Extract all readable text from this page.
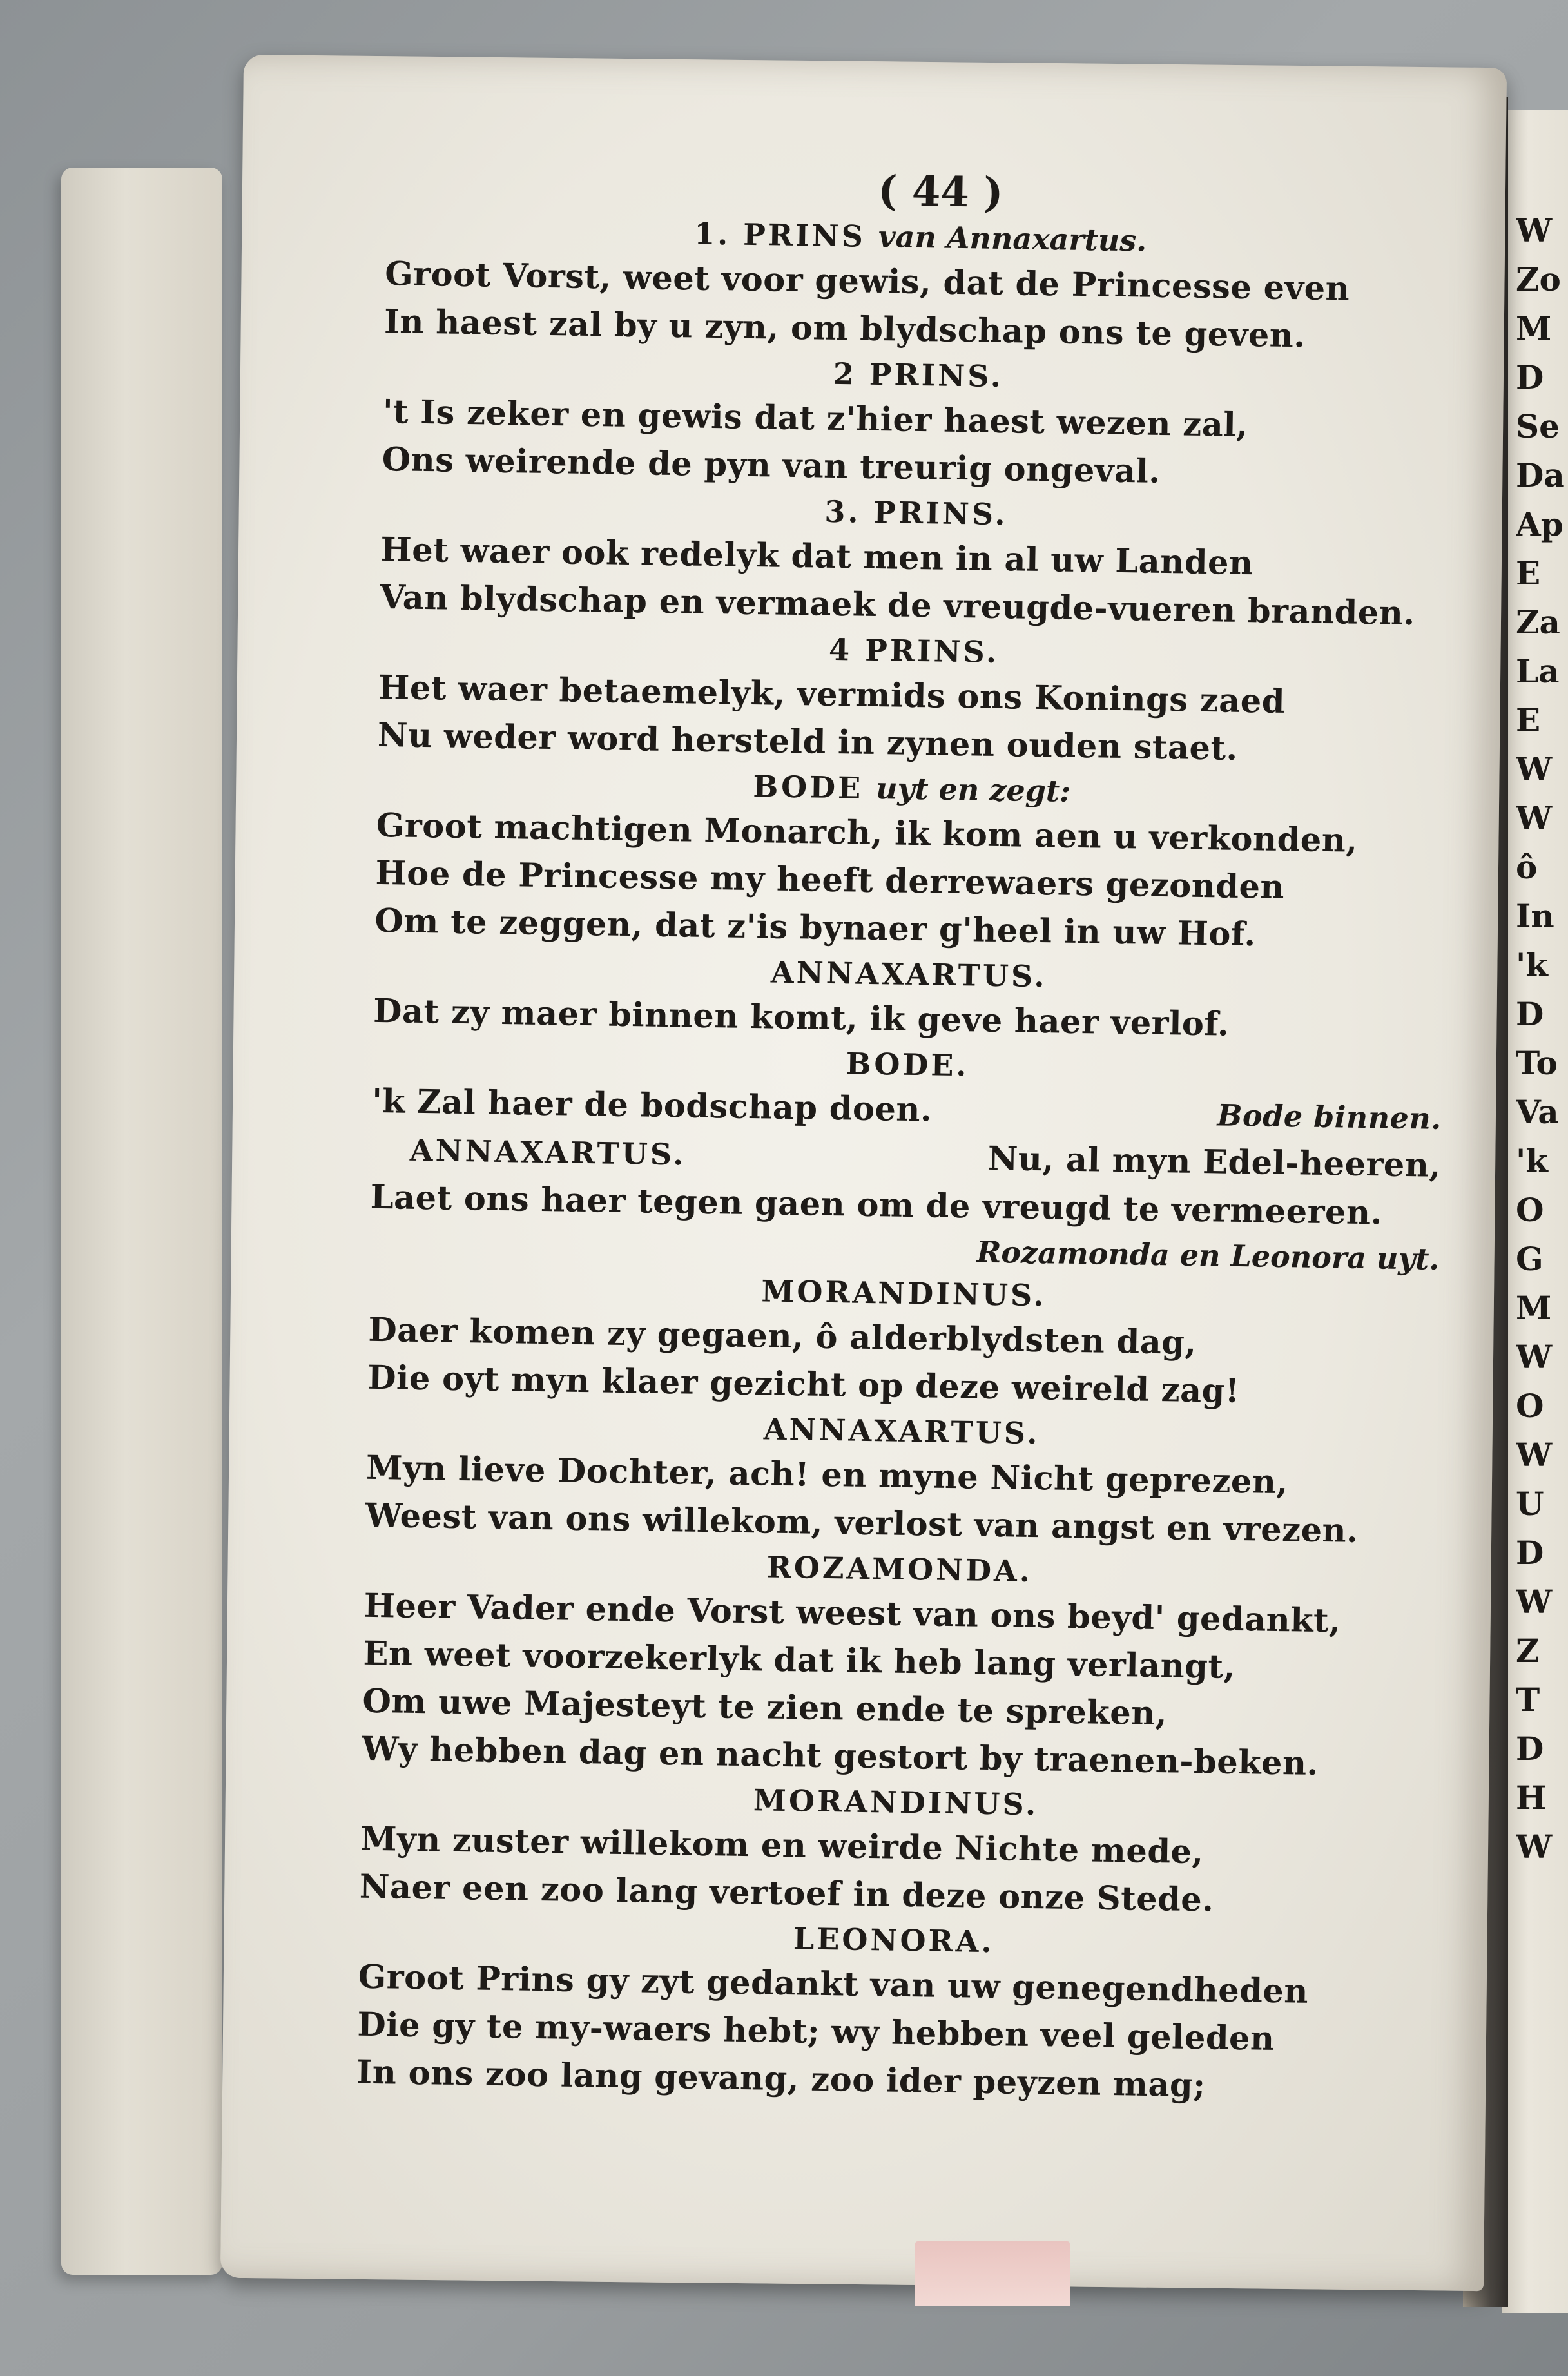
W
Zo
M
D
Se
Da
Ap
E
Za
La
E
W
W
ô
In
'k
D
To
Va
'k
O
G
M
W
O
W
U
D
W
Z
T
D
H
W
( 44 )
1. PRINS van Annaxartus.
Groot Vorst, weet voor gewis, dat de Princesse even
In haest zal by u zyn, om blydschap ons te geven.
2 PRINS.
't Is zeker en gewis dat z'hier haest wezen zal,
Ons weirende de pyn van treurig ongeval.
3. PRINS.
Het waer ook redelyk dat men in al uw Landen
Van blydschap en vermaek de vreugde-vueren branden.
4 PRINS.
Het waer betaemelyk, vermids ons Konings zaed
Nu weder word hersteld in zynen ouden staet.
BODE uyt en zegt:
Groot machtigen Monarch, ik kom aen u verkonden,
Hoe de Princesse my heeft derrewaers gezonden
Om te zeggen, dat z'is bynaer g'heel in uw Hof.
ANNAXARTUS.
Dat zy maer binnen komt, ik geve haer verlof.
BODE.
'k Zal haer de bodschap doen.	Bode binnen.
ANNAXARTUS.	Nu, al myn Edel-heeren,
Laet ons haer tegen gaen om de vreugd te vermeeren.
Rozamonda en Leonora uyt.
MORANDINUS.
Daer komen zy gegaen, ô alderblydsten dag,
Die oyt myn klaer gezicht op deze weireld zag!
ANNAXARTUS.
Myn lieve Dochter, ach! en myne Nicht geprezen,
Weest van ons willekom, verlost van angst en vrezen.
ROZAMONDA.
Heer Vader ende Vorst weest van ons beyd' gedankt,
En weet voorzekerlyk dat ik heb lang verlangt,
Om uwe Majesteyt te zien ende te spreken,
Wy hebben dag en nacht gestort by traenen-beken.
MORANDINUS.
Myn zuster willekom en weirde Nichte mede,
Naer een zoo lang vertoef in deze onze Stede.
LEONORA.
Groot Prins gy zyt gedankt van uw genegendheden
Die gy te my-waers hebt; wy hebben veel geleden
In ons zoo lang gevang, zoo ider peyzen mag;
